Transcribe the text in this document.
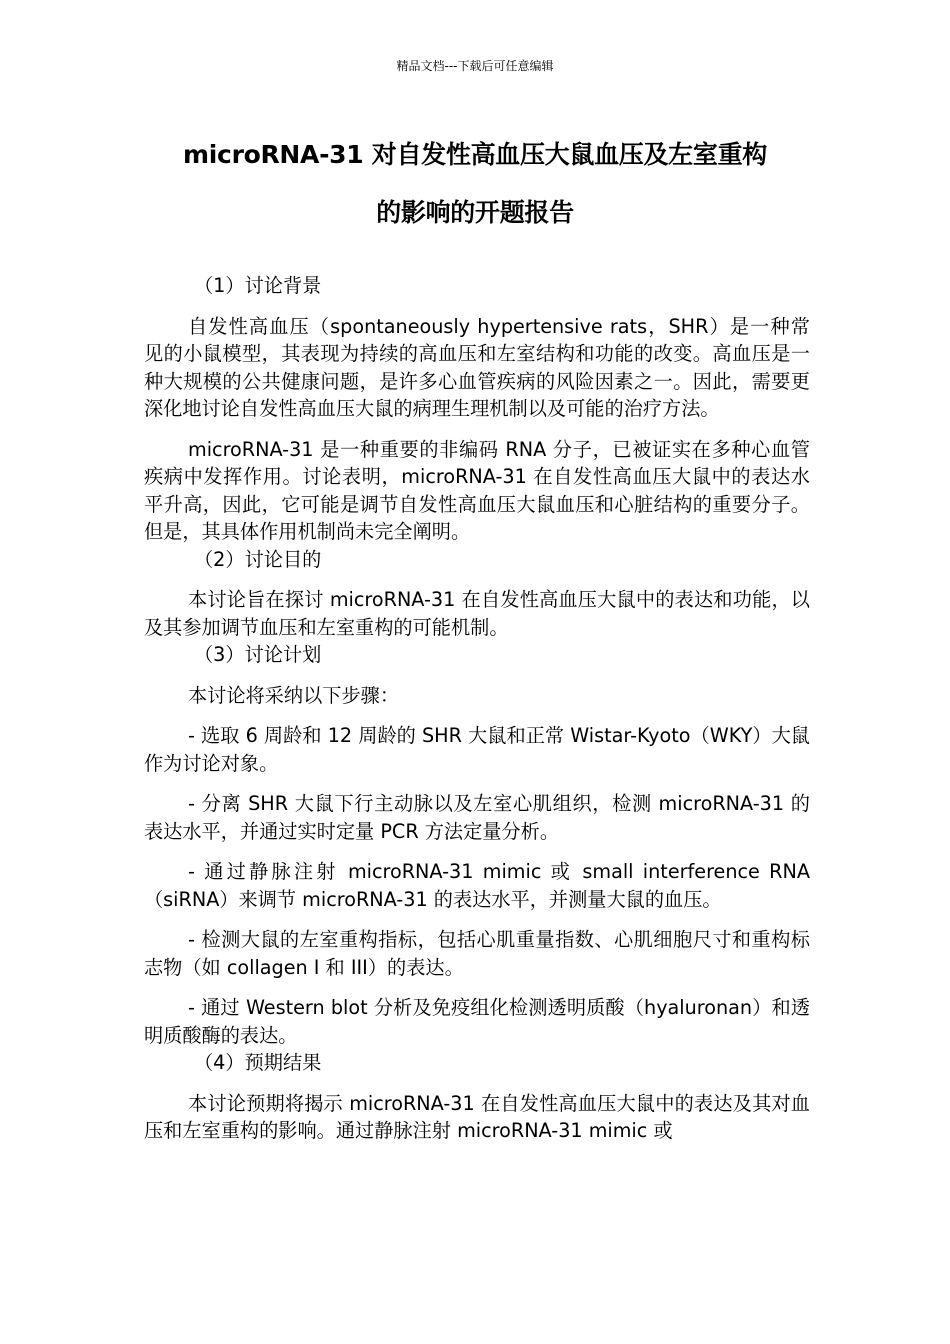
精品文档---下载后可任意编辑
microRNA-31 对自发性高血压大鼠血压及左室重构
的影响的开题报告

（1）讨论背景

自发性高血压（spontaneously hypertensive rats，SHR）是一种常见的小鼠模型，其表现为持续的高血压和左室结构和功能的改变。高血压是一种大规模的公共健康问题，是许多心血管疾病的风险因素之一。因此，需要更深化地讨论自发性高血压大鼠的病理生理机制以及可能的治疗方法。

microRNA-31 是一种重要的非编码 RNA 分子，已被证实在多种心血管疾病中发挥作用。讨论表明，microRNA-31 在自发性高血压大鼠中的表达水平升高，因此，它可能是调节自发性高血压大鼠血压和心脏结构的重要分子。但是，其具体作用机制尚未完全阐明。

（2）讨论目的

本讨论旨在探讨 microRNA-31 在自发性高血压大鼠中的表达和功能，以及其参加调节血压和左室重构的可能机制。

（3）讨论计划

本讨论将采纳以下步骤：

- 选取 6 周龄和 12 周龄的 SHR 大鼠和正常 Wistar-Kyoto（WKY）大鼠作为讨论对象。

- 分离 SHR 大鼠下行主动脉以及左室心肌组织，检测 microRNA-31 的表达水平，并通过实时定量 PCR 方法定量分析。

- 通过静脉注射 microRNA-31 mimic 或 small interference RNA（siRNA）来调节 microRNA-31 的表达水平，并测量大鼠的血压。

- 检测大鼠的左室重构指标，包括心肌重量指数、心肌细胞尺寸和重构标志物（如 collagen I 和 III）的表达。

- 通过 Western blot 分析及免疫组化检测透明质酸（hyaluronan）和透明质酸酶的表达。

（4）预期结果

本讨论预期将揭示 microRNA-31 在自发性高血压大鼠中的表达及其对血压和左室重构的影响。通过静脉注射 microRNA-31 mimic 或
